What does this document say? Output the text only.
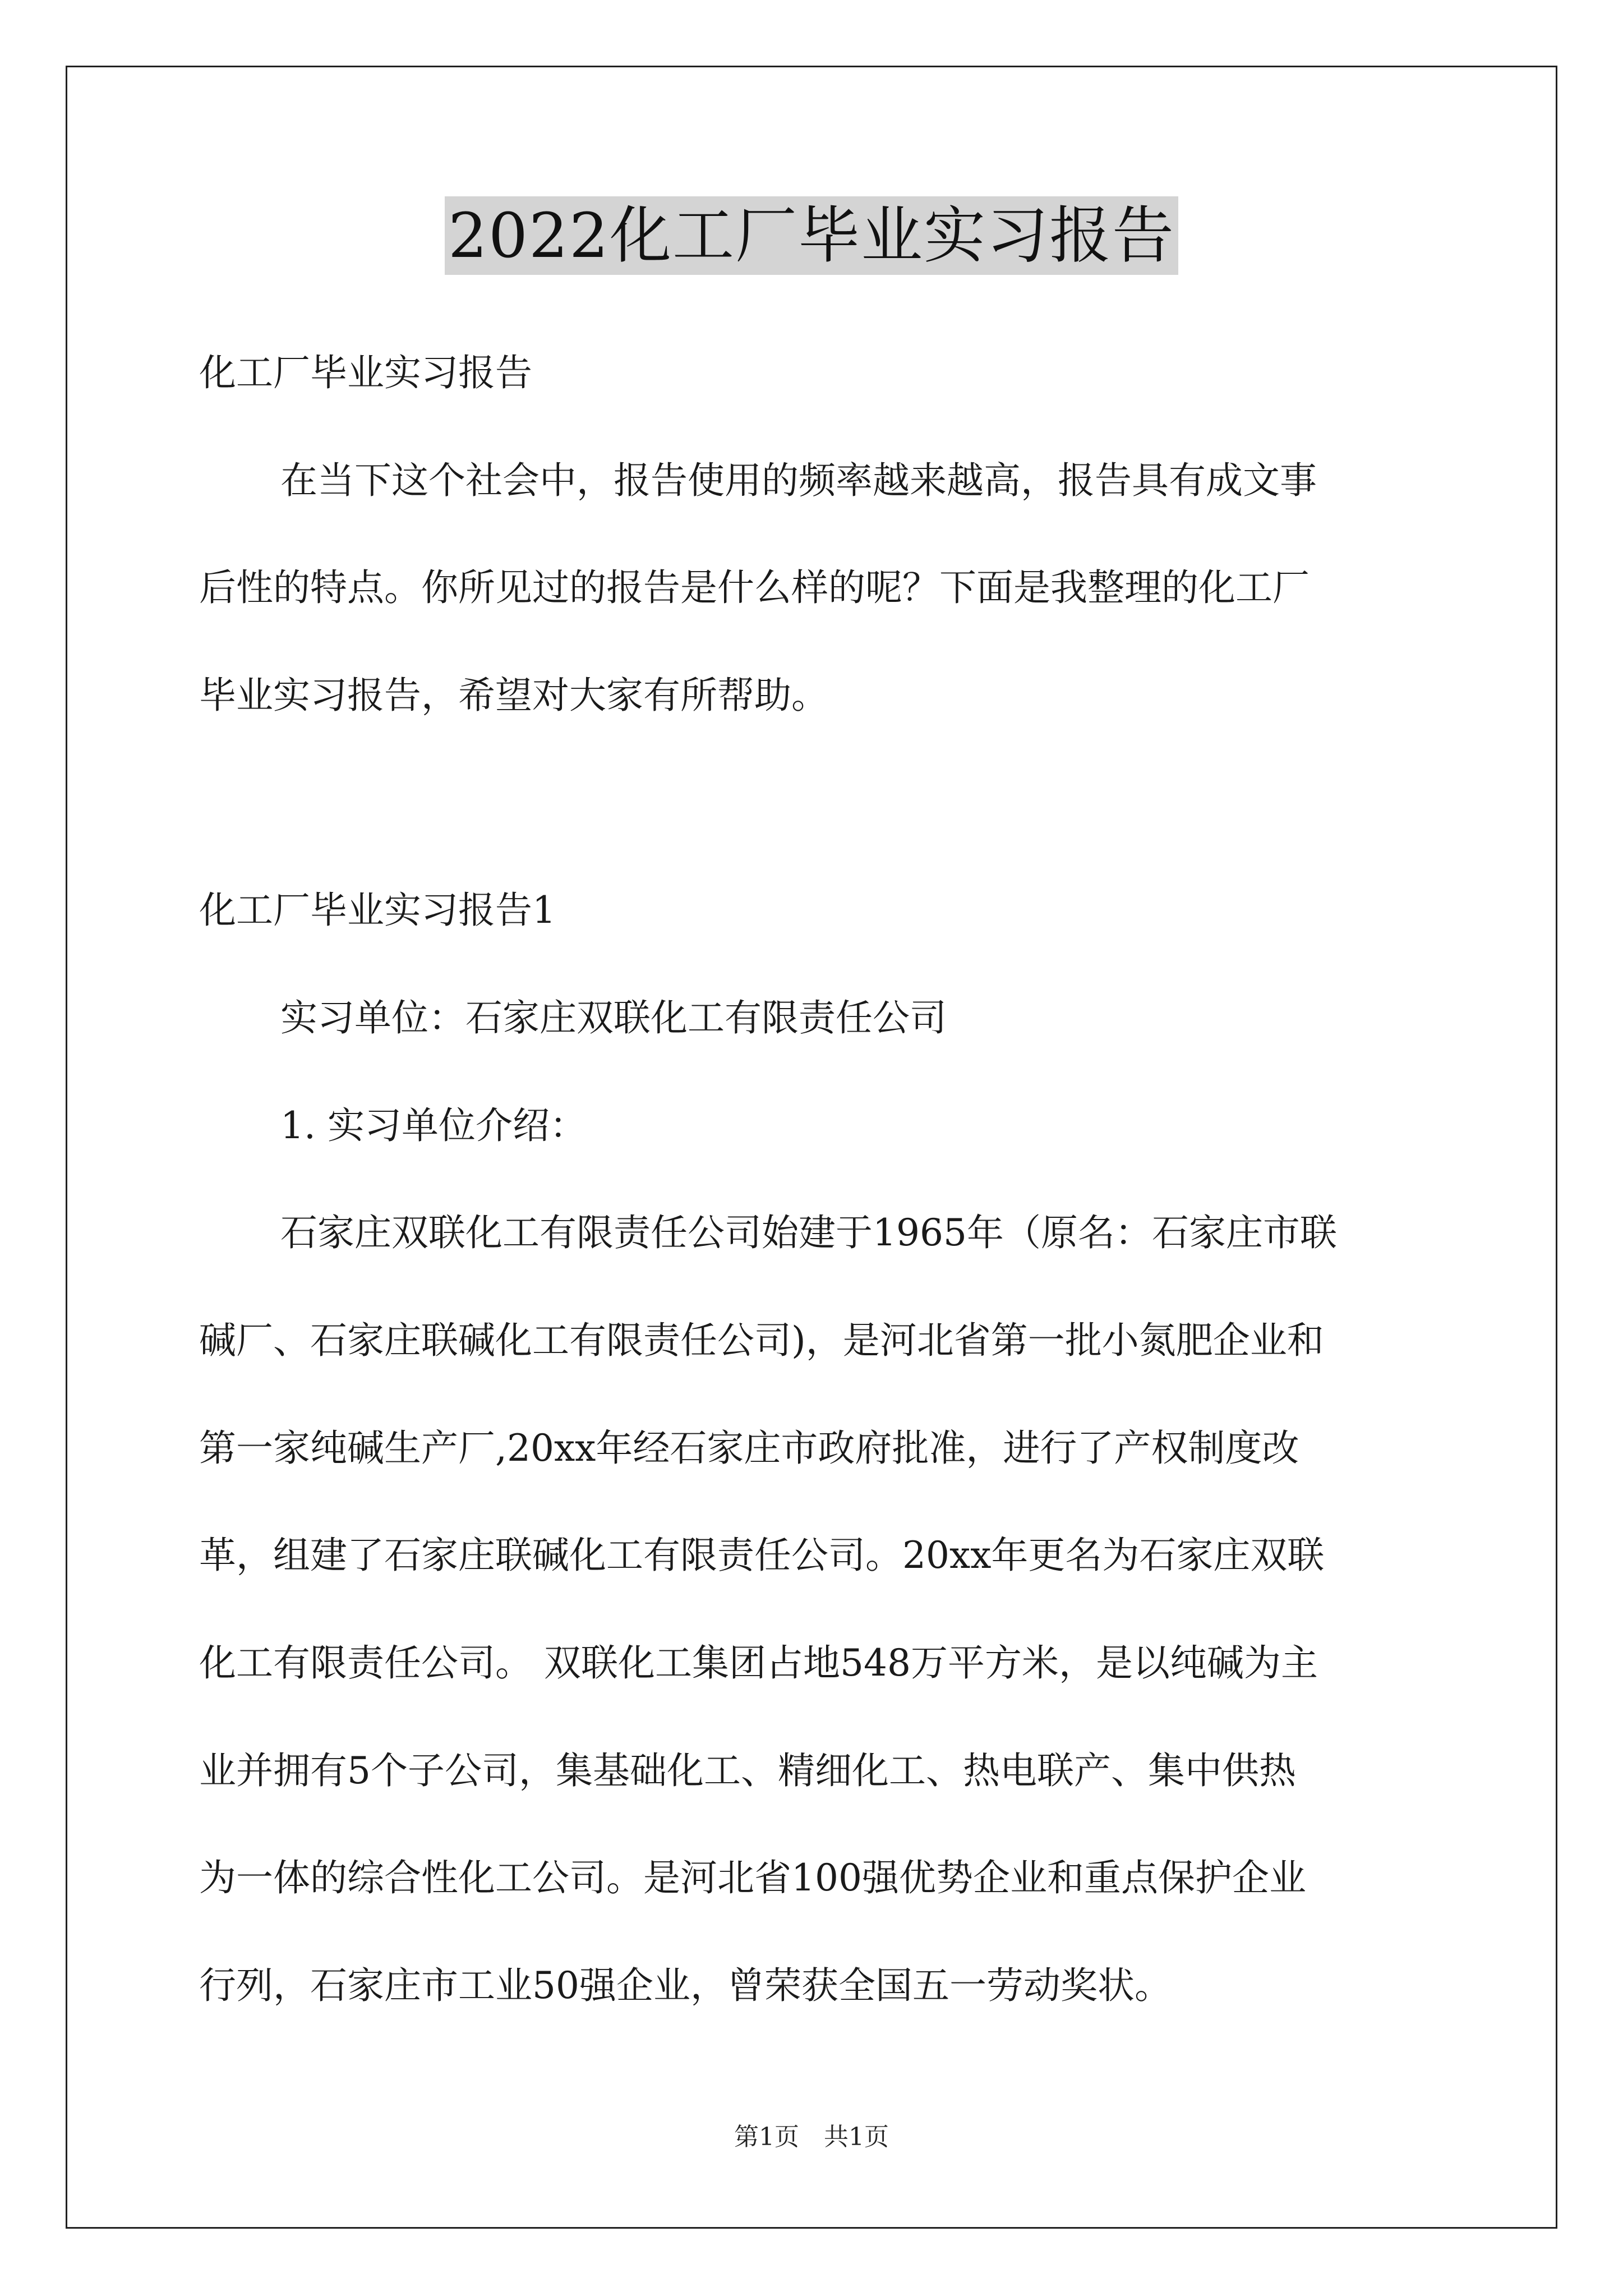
2022化工厂毕业实习报告
化工厂毕业实习报告
在当下这个社会中，报告使用的频率越来越高，报告具有成文事
后性的特点。你所见过的报告是什么样的呢？下面是我整理的化工厂
毕业实习报告，希望对大家有所帮助。
化工厂毕业实习报告1
实习单位：石家庄双联化工有限责任公司
1. 实习单位介绍：
石家庄双联化工有限责任公司始建于1965年（原名：石家庄市联
碱厂、石家庄联碱化工有限责任公司)，是河北省第一批小氮肥企业和
第一家纯碱生产厂,20xx年经石家庄市政府批准，进行了产权制度改
革，组建了石家庄联碱化工有限责任公司。20xx年更名为石家庄双联
化工有限责任公司。 双联化工集团占地548万平方米，是以纯碱为主
业并拥有5个子公司，集基础化工、精细化工、热电联产、集中供热
为一体的综合性化工公司。是河北省100强优势企业和重点保护企业
行列，石家庄市工业50强企业，曾荣获全国五一劳动奖状。
第1页　共1页
